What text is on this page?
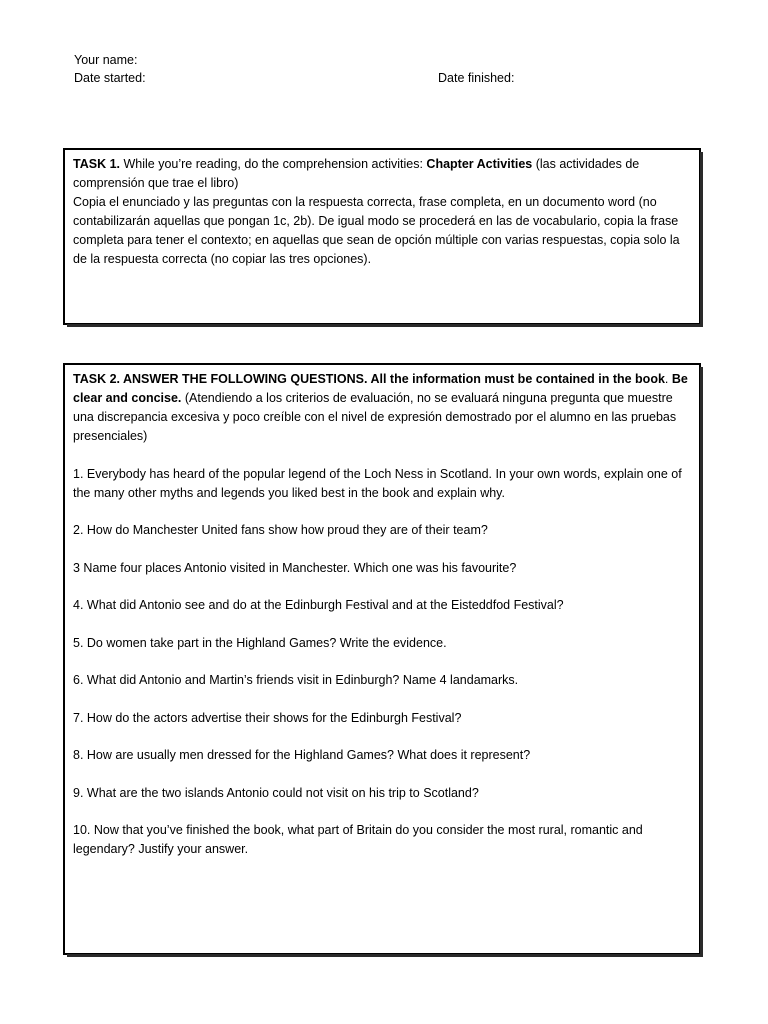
Your name:
Date started:	Date finished:

TASK 1. While you’re reading, do the comprehension activities: Chapter Activities (las actividades de comprensión que trae el libro)

Copia el enunciado y las preguntas con la respuesta correcta, frase completa, en un documento word (no contabilizarán aquellas que pongan 1c, 2b). De igual modo se procederá en las de vocabulario, copia la frase completa para tener el contexto; en aquellas que sean de opción múltiple con varias respuestas, copia solo la de la respuesta correcta (no copiar las tres opciones).

TASK 2. ANSWER THE FOLLOWING QUESTIONS. All the information must be contained in the book. Be clear and concise. (Atendiendo a los criterios de evaluación, no se evaluará ninguna pregunta que muestre una discrepancia excesiva y poco creíble con el nivel de expresión demostrado por el alumno en las pruebas presenciales)

1. Everybody has heard of the popular legend of the Loch Ness in Scotland. In your own words, explain one of the many other myths and legends you liked best in the book and explain why.

2. How do Manchester United fans show how proud they are of their team?

3 Name four places Antonio visited in Manchester. Which one was his favourite?

4. What did Antonio see and do at the Edinburgh Festival and at the Eisteddfod Festival?

5. Do women take part in the Highland Games? Write the evidence.

6. What did Antonio and Martin’s friends visit in Edinburgh? Name 4 landamarks.

7. How do the actors advertise their shows for the Edinburgh Festival?

8. How are usually men dressed for the Highland Games? What does it represent?

9. What are the two islands Antonio could not visit on his trip to Scotland?

10. Now that you’ve finished the book, what part of Britain do you consider the most rural, romantic and legendary? Justify your answer.
